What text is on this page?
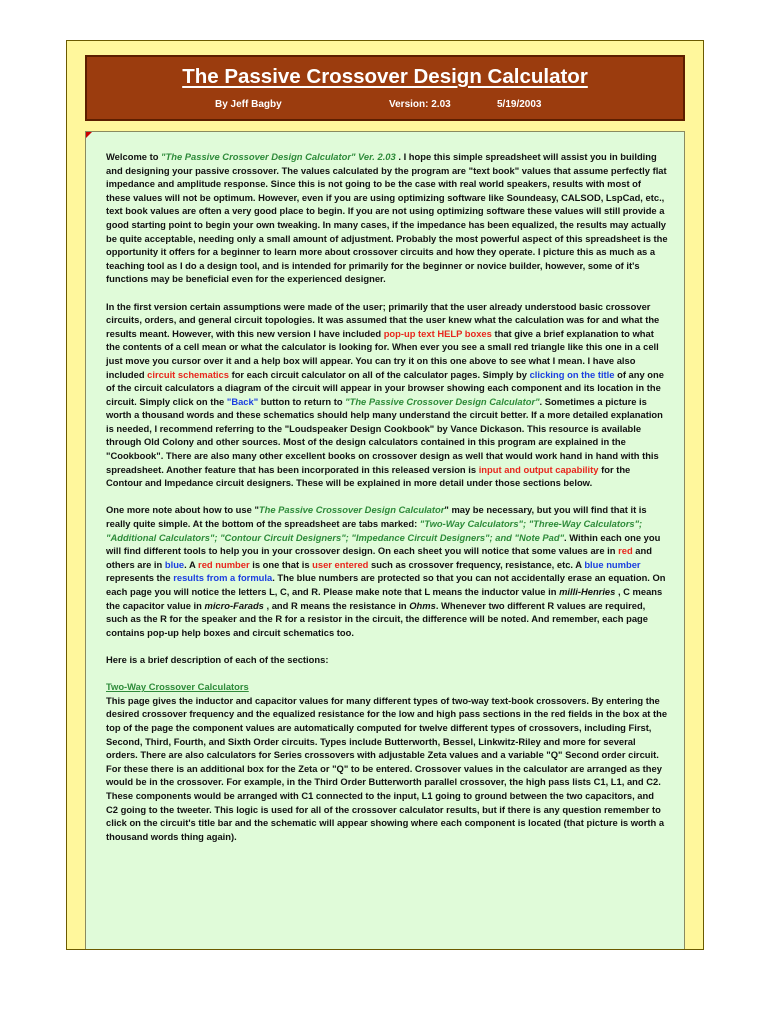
The Passive Crossover Design Calculator
By Jeff Bagby	Version: 2.03	5/19/2003

Welcome to "The Passive Crossover Design Calculator" Ver. 2.03 . I hope this simple spreadsheet will assist you in building and designing your passive crossover. The values calculated by the program are "text book" values that assume perfectly flat impedance and amplitude response. Since this is not going to be the case with real world speakers, results with most of these values will not be optimum. However, even if you are using optimizing software like Soundeasy, CALSOD, LspCad, etc., text book values are often a very good place to begin. If you are not using optimizing software these values will still provide a good starting point to begin your own tweaking. In many cases, if the impedance has been equalized, the results may actually be quite acceptable, needing only a small amount of adjustment. Probably the most powerful aspect of this spreadsheet is the opportunity it offers for a beginner to learn more about crossover circuits and how they operate. I picture this as much as a teaching tool as I do a design tool, and is intended for primarily for the beginner or novice builder, however, some of it's functions may be beneficial even for the experienced designer.

In the first version certain assumptions were made of the user; primarily that the user already understood basic crossover circuits, orders, and general circuit topologies. It was assumed that the user knew what the calculation was for and what the results meant. However, with this new version I have included pop-up text HELP boxes that give a brief explanation to what the contents of a cell mean or what the calculator is looking for. When ever you see a small red triangle like this one in a cell just move you cursor over it and a help box will appear. You can try it on this one above to see what I mean. I have also included circuit schematics for each circuit calculator on all of the calculator pages. Simply by clicking on the title of any one of the circuit calculators a diagram of the circuit will appear in your browser showing each component and its location in the circuit. Simply click on the "Back" button to return to "The Passive Crossover Design Calculator". Sometimes a picture is worth a thousand words and these schematics should help many understand the circuit better. If a more detailed explanation is needed, I recommend referring to the "Loudspeaker Design Cookbook" by Vance Dickason. This resource is available through Old Colony and other sources. Most of the design calculators contained in this program are explained in the "Cookbook". There are also many other excellent books on crossover design as well that would work hand in hand with this spreadsheet. Another feature that has been incorporated in this released version is input and output capability for the Contour and Impedance circuit designers. These will be explained in more detail under those sections below.

One more note about how to use "The Passive Crossover Design Calculator" may be necessary, but you will find that it is really quite simple. At the bottom of the spreadsheet are tabs marked: "Two-Way Calculators"; "Three-Way Calculators"; "Additional Calculators"; "Contour Circuit Designers"; "Impedance Circuit Designers"; and "Note Pad". Within each one you will find different tools to help you in your crossover design. On each sheet you will notice that some values are in red and others are in blue. A red number is one that is user entered such as crossover frequency, resistance, etc. A blue number represents the results from a formula. The blue numbers are protected so that you can not accidentally erase an equation. On each page you will notice the letters L, C, and R. Please make note that L means the inductor value in milli-Henries , C means the capacitor value in micro-Farads , and R means the resistance in Ohms. Whenever two different R values are required, such as the R for the speaker and the R for a resistor in the circuit, the difference will be noted. And remember, each page contains pop-up help boxes and circuit schematics too.

Here is a brief description of each of the sections:

Two-Way Crossover Calculators
This page gives the inductor and capacitor values for many different types of two-way text-book crossovers. By entering the desired crossover frequency and the equalized resistance for the low and high pass sections in the red fields in the box at the top of the page the component values are automatically computed for twelve different types of crossovers, including First, Second, Third, Fourth, and Sixth Order circuits. Types include Butterworth, Bessel, Linkwitz-Riley and more for several orders. There are also calculators for Series crossovers with adjustable Zeta values and a variable "Q" Second order circuit. For these there is an additional box for the Zeta or "Q" to be entered. Crossover values in the calculator are arranged as they would be in the crossover. For example, in the Third Order Butterworth parallel crossover, the high pass lists C1, L1, and C2. These components would be arranged with C1 connected to the input, L1 going to ground between the two capacitors, and C2 going to the tweeter. This logic is used for all of the crossover calculator results, but if there is any question remember to click on the circuit's title bar and the schematic will appear showing where each component is located (that picture is worth a thousand words thing again).
